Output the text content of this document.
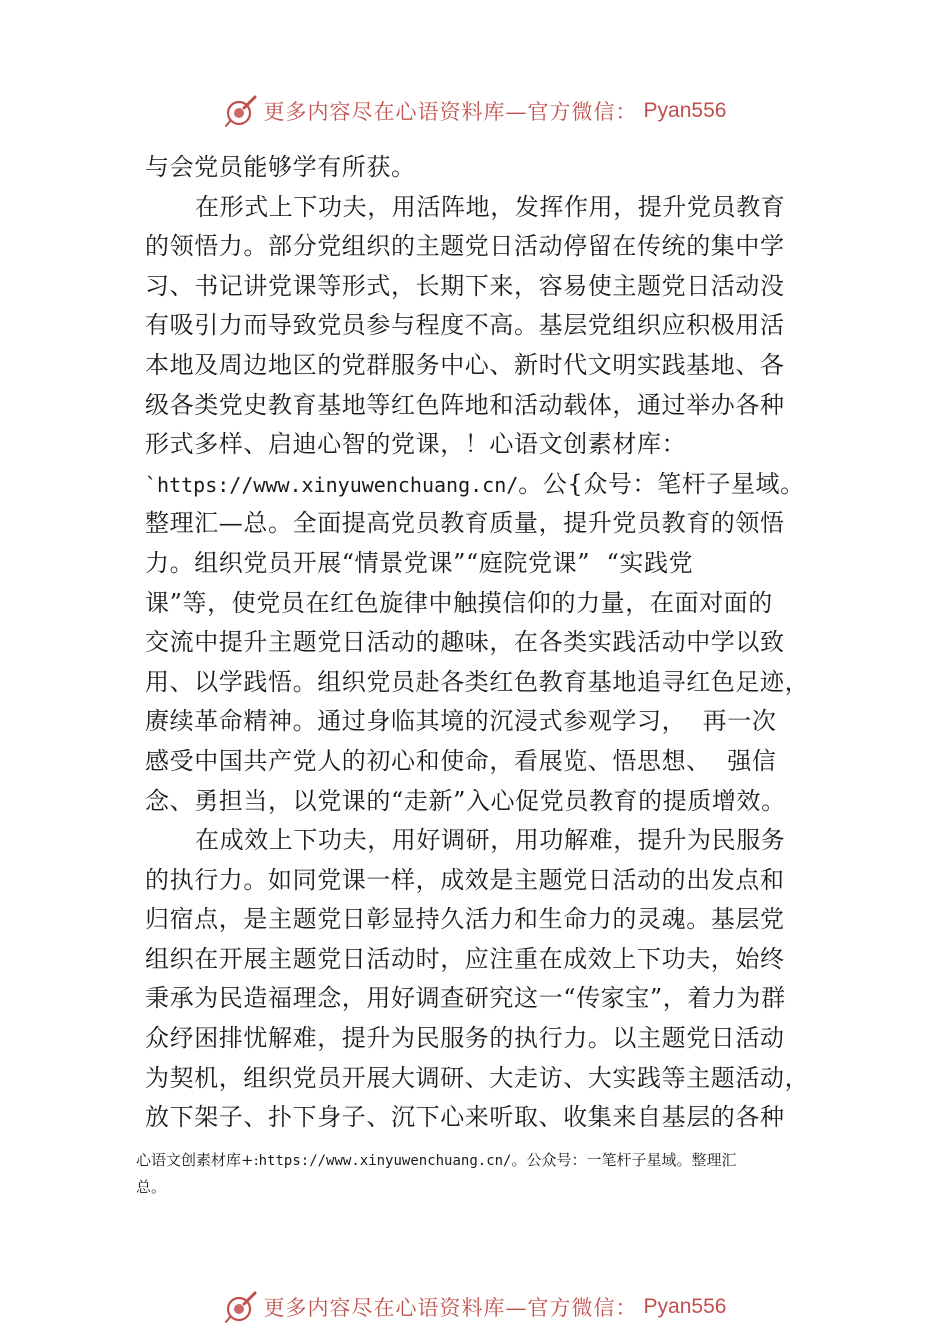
更多内容尽在心语资料库—官方微信： Pyan556
与会党员能够学有所获。
在形式上下功夫，用活阵地，发挥作用，提升党员教育
的领悟力。部分党组织的主题党日活动停留在传统的集中学
习、书记讲党课等形式，长期下来，容易使主题党日活动没
有吸引力而导致党员参与程度不高。基层党组织应积极用活
本地及周边地区的党群服务中心、新时代文明实践基地、各
级各类党史教育基地等红色阵地和活动载体，通过举办各种
形式多样、启迪心智的党课，！心语文创素材库：
`https://www.xinyuwenchuang.cn/。公{众号：笔杆子星域。
整理汇—总。全面提高党员教育质量，提升党员教育的领悟
力。组织党员开展“情景党课”“庭院党课”  “实践党
课”等，使党员在红色旋律中触摸信仰的力量，在面对面的
交流中提升主题党日活动的趣味，在各类实践活动中学以致
用、以学践悟。组织党员赴各类红色教育基地追寻红色足迹，
赓续革命精神。通过身临其境的沉浸式参观学习，  再一次
感受中国共产党人的初心和使命，看展览、悟思想、  强信
念、勇担当，以党课的“走新”入心促党员教育的提质增效。
在成效上下功夫，用好调研，用功解难，提升为民服务
的执行力。如同党课一样，成效是主题党日活动的出发点和
归宿点，是主题党日彰显持久活力和生命力的灵魂。基层党
组织在开展主题党日活动时，应注重在成效上下功夫，始终
秉承为民造福理念，用好调查研究这一“传家宝”，着力为群
众纾困排忧解难，提升为民服务的执行力。以主题党日活动
为契机，组织党员开展大调研、大走访、大实践等主题活动，
放下架子、扑下身子、沉下心来听取、收集来自基层的各种
心语文创素材库+:https://www.xinyuwenchuang.cn/。公众号：一笔杆子星域。整理汇
总。
更多内容尽在心语资料库—官方微信： Pyan556
